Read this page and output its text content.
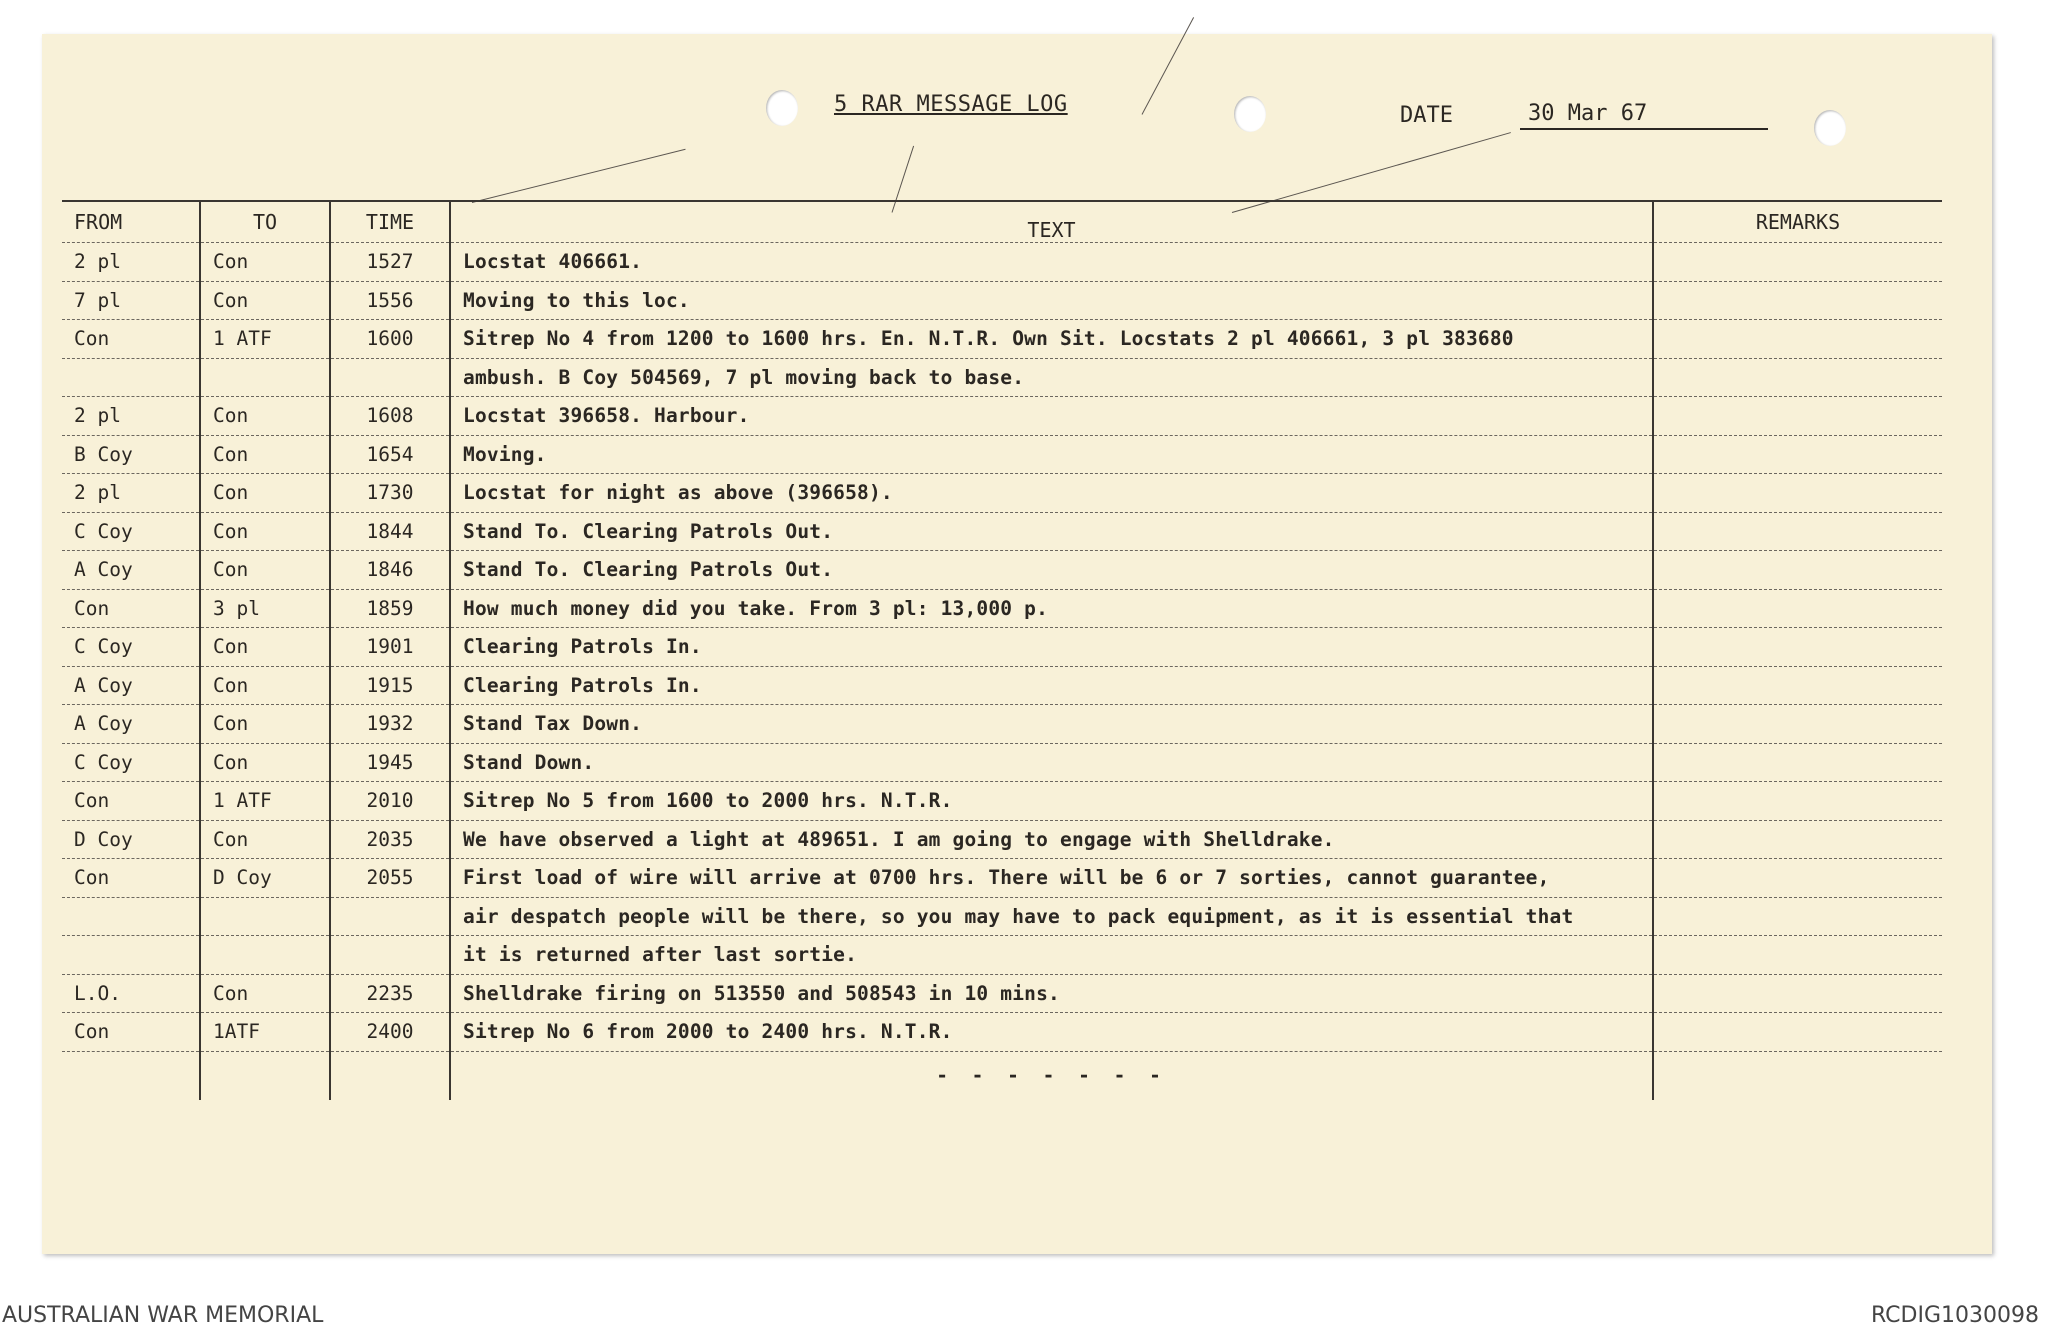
5 RAR MESSAGE LOG	DATE	30 Mar 67
FROM	TO	TIME	TEXT	REMARKS
2 pl	Con	1527	Locstat 406661.	
7 pl	Con	1556	Moving to this loc.	
Con	1 ATF	1600	Sitrep No 4 from 1200 to 1600 hrs. En. N.T.R. Own Sit. Locstats 2 pl 406661, 3 pl 383680	
			ambush. B Coy 504569, 7 pl moving back to base.	
2 pl	Con	1608	Locstat 396658. Harbour.	
B Coy	Con	1654	Moving.	
2 pl	Con	1730	Locstat for night as above (396658).	
C Coy	Con	1844	Stand To. Clearing Patrols Out.	
A Coy	Con	1846	Stand To. Clearing Patrols Out.	
Con	3 pl	1859	How much money did you take. From 3 pl: 13,000 p.	
C Coy	Con	1901	Clearing Patrols In.	
A Coy	Con	1915	Clearing Patrols In.	
A Coy	Con	1932	Stand Tax Down.	
C Coy	Con	1945	Stand Down.	
Con	1 ATF	2010	Sitrep No 5 from 1600 to 2000 hrs. N.T.R.	
D Coy	Con	2035	We have observed a light at 489651. I am going to engage with Shelldrake.	
Con	D Coy	2055	First load of wire will arrive at 0700 hrs. There will be 6 or 7 sorties, cannot guarantee,	
			air despatch people will be there, so you may have to pack equipment, as it is essential that	
			it is returned after last sortie.	
L.O.	Con	2235	Shelldrake firing on 513550 and 508543 in 10 mins.	
Con	1ATF	2400	Sitrep No 6 from 2000 to 2400 hrs. N.T.R.	

			- - - - - - -	

AUSTRALIAN WAR MEMORIAL	RCDIG1030098
